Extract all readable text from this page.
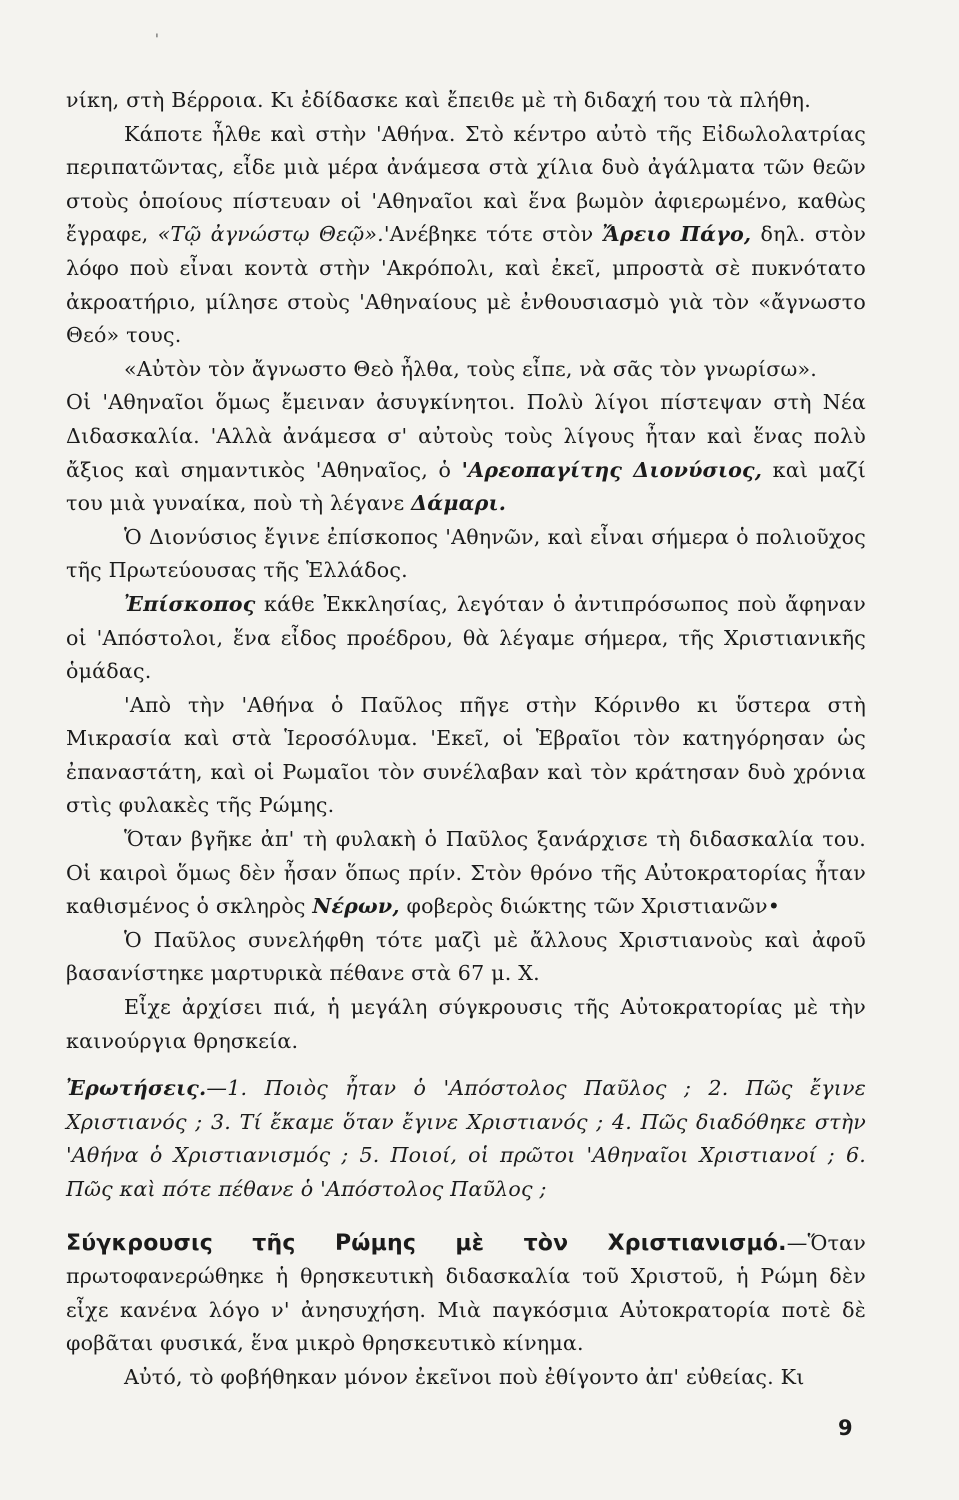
'

νίκη, στὴ Βέρροια. Κι ἐδίδασκε καὶ ἔπειθε μὲ τὴ διδαχή του τὰ πλήθη.

Κάποτε ἦλθε καὶ στὴν 'Αθήνα. Στὸ κέντρο αὐτὸ τῆς Εἰδωλολατρίας περιπατῶντας, εἶδε μιὰ μέρα ἀνάμεσα στὰ χίλια δυὸ ἀγάλματα τῶν θεῶν στοὺς ὁποίους πίστευαν οἱ 'Αθηναῖοι καὶ ἕνα βωμὸν ἀφιερωμένο, καθὼς ἔγραφε, «Τῷ ἀγνώστῳ Θεῷ».'Ανέβηκε τότε στὸν Ἄρειο Πάγο, δηλ. στὸν λόφο ποὺ εἶναι κοντὰ στὴν 'Ακρόπολι, καὶ ἐκεῖ, μπροστὰ σὲ πυκνότατο ἀκροατήριο, μίλησε στοὺς 'Αθηναίους μὲ ἐνθουσιασμὸ γιὰ τὸν «ἄγνωστο Θεό» τους.

«Αὐτὸν τὸν ἄγνωστο Θεὸ ἦλθα, τοὺς εἶπε, νὰ σᾶς τὸν γνωρίσω».

Οἱ 'Αθηναῖοι ὅμως ἔμειναν ἀσυγκίνητοι. Πολὺ λίγοι πίστεψαν στὴ Νέα Διδασκαλία. 'Αλλὰ ἀνάμεσα σ' αὐτοὺς τοὺς λίγους ἦταν καὶ ἕνας πολὺ ἄξιος καὶ σημαντικὸς 'Αθηναῖος, ὁ 'Αρεοπαγίτης Διονύσιος, καὶ μαζί του μιὰ γυναίκα, ποὺ τὴ λέγανε Δάμαρι.

Ὁ Διονύσιος ἔγινε ἐπίσκοπος 'Αθηνῶν, καὶ εἶναι σήμερα ὁ πολιοῦχος τῆς Πρωτεύουσας τῆς Ἑλλάδος.

Ἐπίσκοπος κάθε Ἐκκλησίας, λεγόταν ὁ ἀντιπρόσωπος ποὺ ἄφηναν οἱ 'Απόστολοι, ἕνα εἶδος προέδρου, θὰ λέγαμε σήμερα, τῆς Χριστιανικῆς ὁμάδας.

'Απὸ τὴν 'Αθήνα ὁ Παῦλος πῆγε στὴν Κόρινθο κι ὕστερα στὴ Μικρασία καὶ στὰ Ἱεροσόλυμα. 'Εκεῖ, οἱ Ἑβραῖοι τὸν κατηγόρησαν ὡς ἐπαναστάτη, καὶ οἱ Ρωμαῖοι τὸν συνέλαβαν καὶ τὸν κράτησαν δυὸ χρόνια στὶς φυλακὲς τῆς Ρώμης.

Ὅταν βγῆκε ἀπ' τὴ φυλακὴ ὁ Παῦλος ξανάρχισε τὴ διδασκαλία του. Οἱ καιροὶ ὅμως δὲν ἦσαν ὅπως πρίν. Στὸν θρόνο τῆς Αὐτοκρατορίας ἦταν καθισμένος ὁ σκληρὸς Νέρων, φοβερὸς διώκτης τῶν Χριστιανῶν•

Ὁ Παῦλος συνελήφθη τότε μαζὶ μὲ ἄλλους Χριστιανοὺς καὶ ἀφοῦ βασανίστηκε μαρτυρικὰ πέθανε στὰ 67 μ. Χ.

Εἶχε ἀρχίσει πιά, ἡ μεγάλη σύγκρουσις τῆς Αὐτοκρατορίας μὲ τὴν καινούργια θρησκεία.

Ἐρωτήσεις.—1. Ποιὸς ἦταν ὁ 'Απόστολος Παῦλος ; 2. Πῶς ἔγινε Χριστιανός ; 3. Τί ἔκαμε ὅταν ἔγινε Χριστιανός ; 4. Πῶς διαδόθηκε στὴν 'Αθήνα ὁ Χριστιανισμός ; 5. Ποιοί, οἱ πρῶτοι 'Αθηναῖοι Χριστιανοί ; 6. Πῶς καὶ πότε πέθανε ὁ 'Απόστολος Παῦλος ;

Σύγκρουσις τῆς Ρώμης μὲ τὸν Χριστιανισμό.—Ὅταν πρωτοφανερώθηκε ἡ θρησκευτικὴ διδασκαλία τοῦ Χριστοῦ, ἡ Ρώμη δὲν εἶχε κανένα λόγο ν' ἀνησυχήση. Μιὰ παγκόσμια Αὐτοκρατορία ποτὲ δὲ φοβᾶται φυσικά, ἕνα μικρὸ θρησκευτικὸ κίνημα.

Αὐτό, τὸ φοβήθηκαν μόνον ἐκεῖνοι ποὺ ἐθίγοντο ἀπ' εὐθείας. Κι

9
